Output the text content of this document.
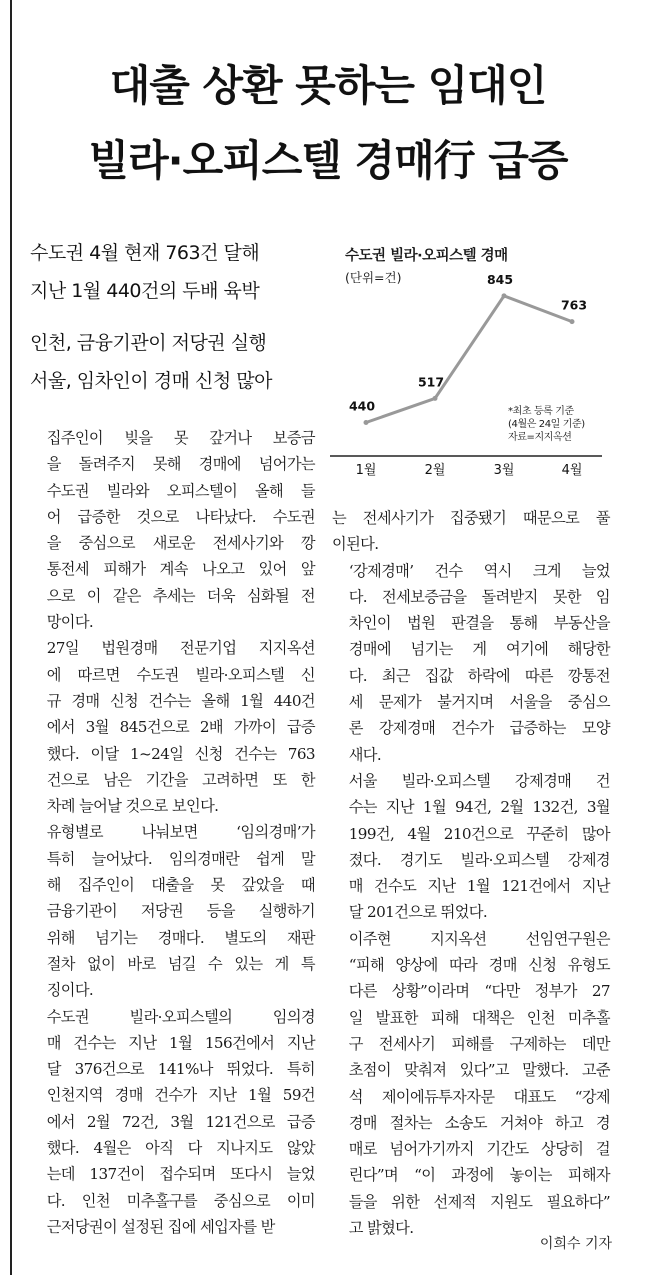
대출 상환 못하는 임대인
빌라·오피스텔 경매行 급증
수도권 4월 현재 763건 달해
지난 1월 440건의 두배 육박
인천, 금융기관이 저당권 실행
서울, 임차인이 경매 신청 많아
수도권 빌라·오피스텔 경매
(단위=건)
440
1월
517
2월
845
3월
763
4월
*최초 등록 기준
(4월은 24일 기준)
자료=지지옥션

집주인이 빚을 못 갚거나 보증금
을 돌려주지 못해 경매에 넘어가는
수도권 빌라와 오피스텔이 올해 들
어 급증한 것으로 나타났다. 수도권
을 중심으로 새로운 전세사기와 깡
통전세 피해가 계속 나오고 있어 앞
으로 이 같은 추세는 더욱 심화될 전
망이다.

27일 법원경매 전문기업 지지옥션
에 따르면 수도권 빌라·오피스텔 신
규 경매 신청 건수는 올해 1월 440건
에서 3월 845건으로 2배 가까이 급증
했다. 이달 1~24일 신청 건수는 763
건으로 남은 기간을 고려하면 또 한
차례 늘어날 것으로 보인다.

유형별로 나눠보면 ‘임의경매’가
특히 늘어났다. 임의경매란 쉽게 말
해 집주인이 대출을 못 갚았을 때
금융기관이 저당권 등을 실행하기
위해 넘기는 경매다. 별도의 재판
절차 없이 바로 넘길 수 있는 게 특
징이다.

수도권 빌라·오피스텔의 임의경
매 건수는 지난 1월 156건에서 지난
달 376건으로 141%나 뛰었다. 특히
인천지역 경매 건수가 지난 1월 59건
에서 2월 72건, 3월 121건으로 급증
했다. 4월은 아직 다 지나지도 않았
는데 137건이 접수되며 또다시 늘었
다. 인천 미추홀구를 중심으로 이미
근저당권이 설정된 집에 세입자를 받

는 전세사기가 집중됐기 때문으로 풀
이된다.

‘강제경매’ 건수 역시 크게 늘었
다. 전세보증금을 돌려받지 못한 임
차인이 법원 판결을 통해 부동산을
경매에 넘기는 게 여기에 해당한
다. 최근 집값 하락에 따른 깡통전
세 문제가 불거지며 서울을 중심으
론 강제경매 건수가 급증하는 모양
새다.

서울 빌라·오피스텔 강제경매 건
수는 지난 1월 94건, 2월 132건, 3월
199건, 4월 210건으로 꾸준히 많아
졌다. 경기도 빌라·오피스텔 강제경
매 건수도 지난 1월 121건에서 지난
달 201건으로 뛰었다.

이주현 지지옥션 선임연구원은
“피해 양상에 따라 경매 신청 유형도
다른 상황”이라며 “다만 정부가 27
일 발표한 피해 대책은 인천 미추홀
구 전세사기 피해를 구제하는 데만
초점이 맞춰져 있다”고 말했다. 고준
석 제이에듀투자자문 대표도 “강제
경매 절차는 소송도 거쳐야 하고 경
매로 넘어가기까지 기간도 상당히 걸
린다”며 “이 과정에 놓이는 피해자
들을 위한 선제적 지원도 필요하다”
고 밝혔다.

이희수 기자
